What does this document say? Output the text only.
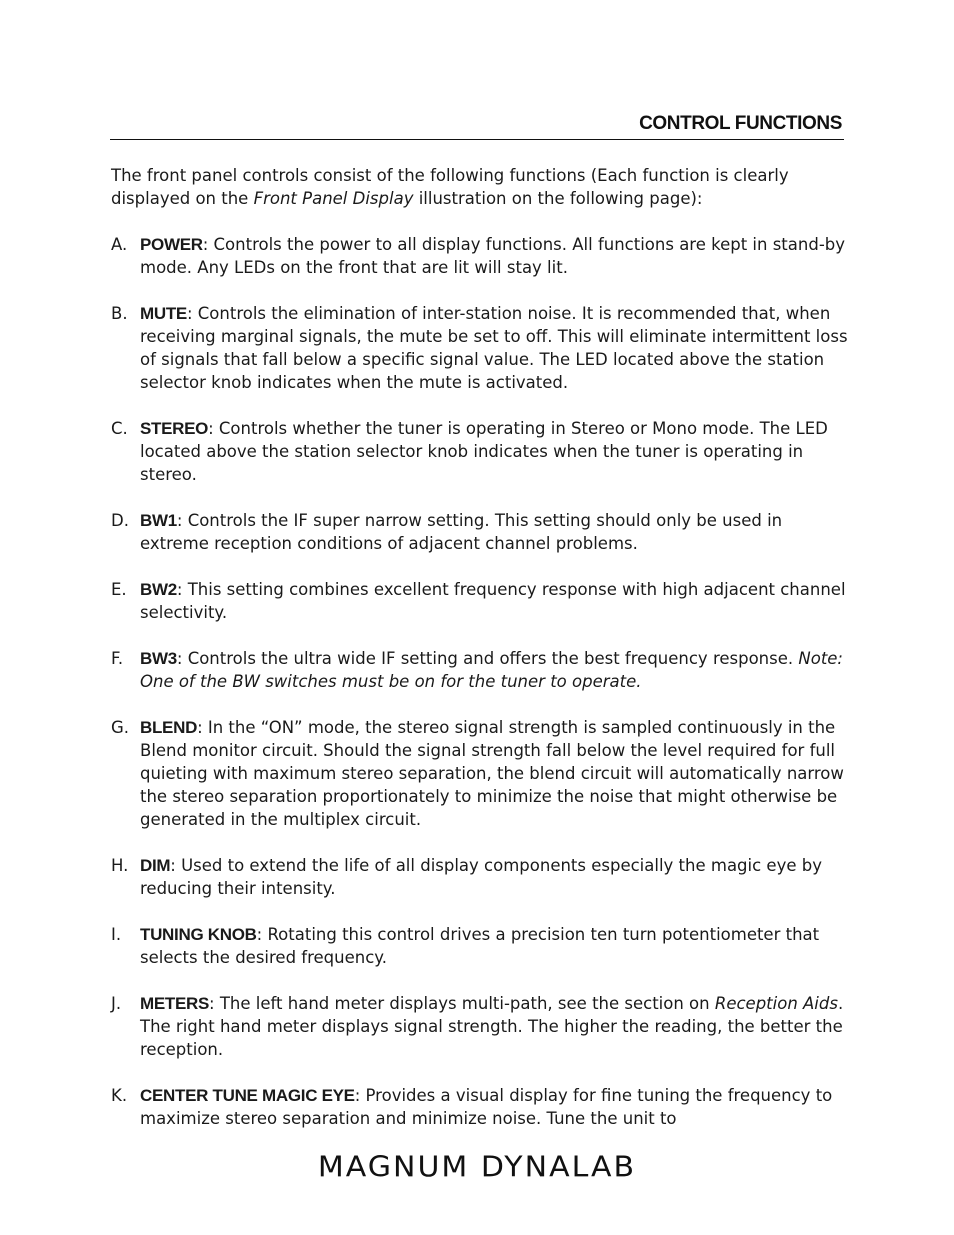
CONTROL FUNCTIONS

The front panel controls consist of the following functions (Each function is clearly displayed on the Front Panel Display illustration on the following page):

A. POWER: Controls the power to all display functions. All functions are kept in stand-by mode. Any LEDs on the front that are lit will stay lit.
B. MUTE: Controls the elimination of inter-station noise. It is recommended that, when receiving marginal signals, the mute be set to off. This will eliminate intermittent loss of signals that fall below a specific signal value. The LED located above the station selector knob indicates when the mute is activated.
C. STEREO: Controls whether the tuner is operating in Stereo or Mono mode. The LED located above the station selector knob indicates when the tuner is operating in stereo.
D. BW1: Controls the IF super narrow setting. This setting should only be used in extreme reception conditions of adjacent channel problems.
E. BW2: This setting combines excellent frequency response with high adjacent channel selectivity.
F. BW3: Controls the ultra wide IF setting and offers the best frequency response. Note: One of the BW switches must be on for the tuner to operate.
G. BLEND: In the “ON” mode, the stereo signal strength is sampled continuously in the Blend monitor circuit. Should the signal strength fall below the level required for full quieting with maximum stereo separation, the blend circuit will automatically narrow the stereo separation proportionately to minimize the noise that might otherwise be generated in the multiplex circuit.
H. DIM: Used to extend the life of all display components especially the magic eye by reducing their intensity.
I. TUNING KNOB: Rotating this control drives a precision ten turn potentiometer that selects the desired frequency.
J. METERS: The left hand meter displays multi-path, see the section on Reception Aids. The right hand meter displays signal strength. The higher the reading, the better the reception.
K. CENTER TUNE MAGIC EYE: Provides a visual display for fine tuning the frequency to maximize stereo separation and minimize noise. Tune the unit to
MAGNUM DYNALAB
